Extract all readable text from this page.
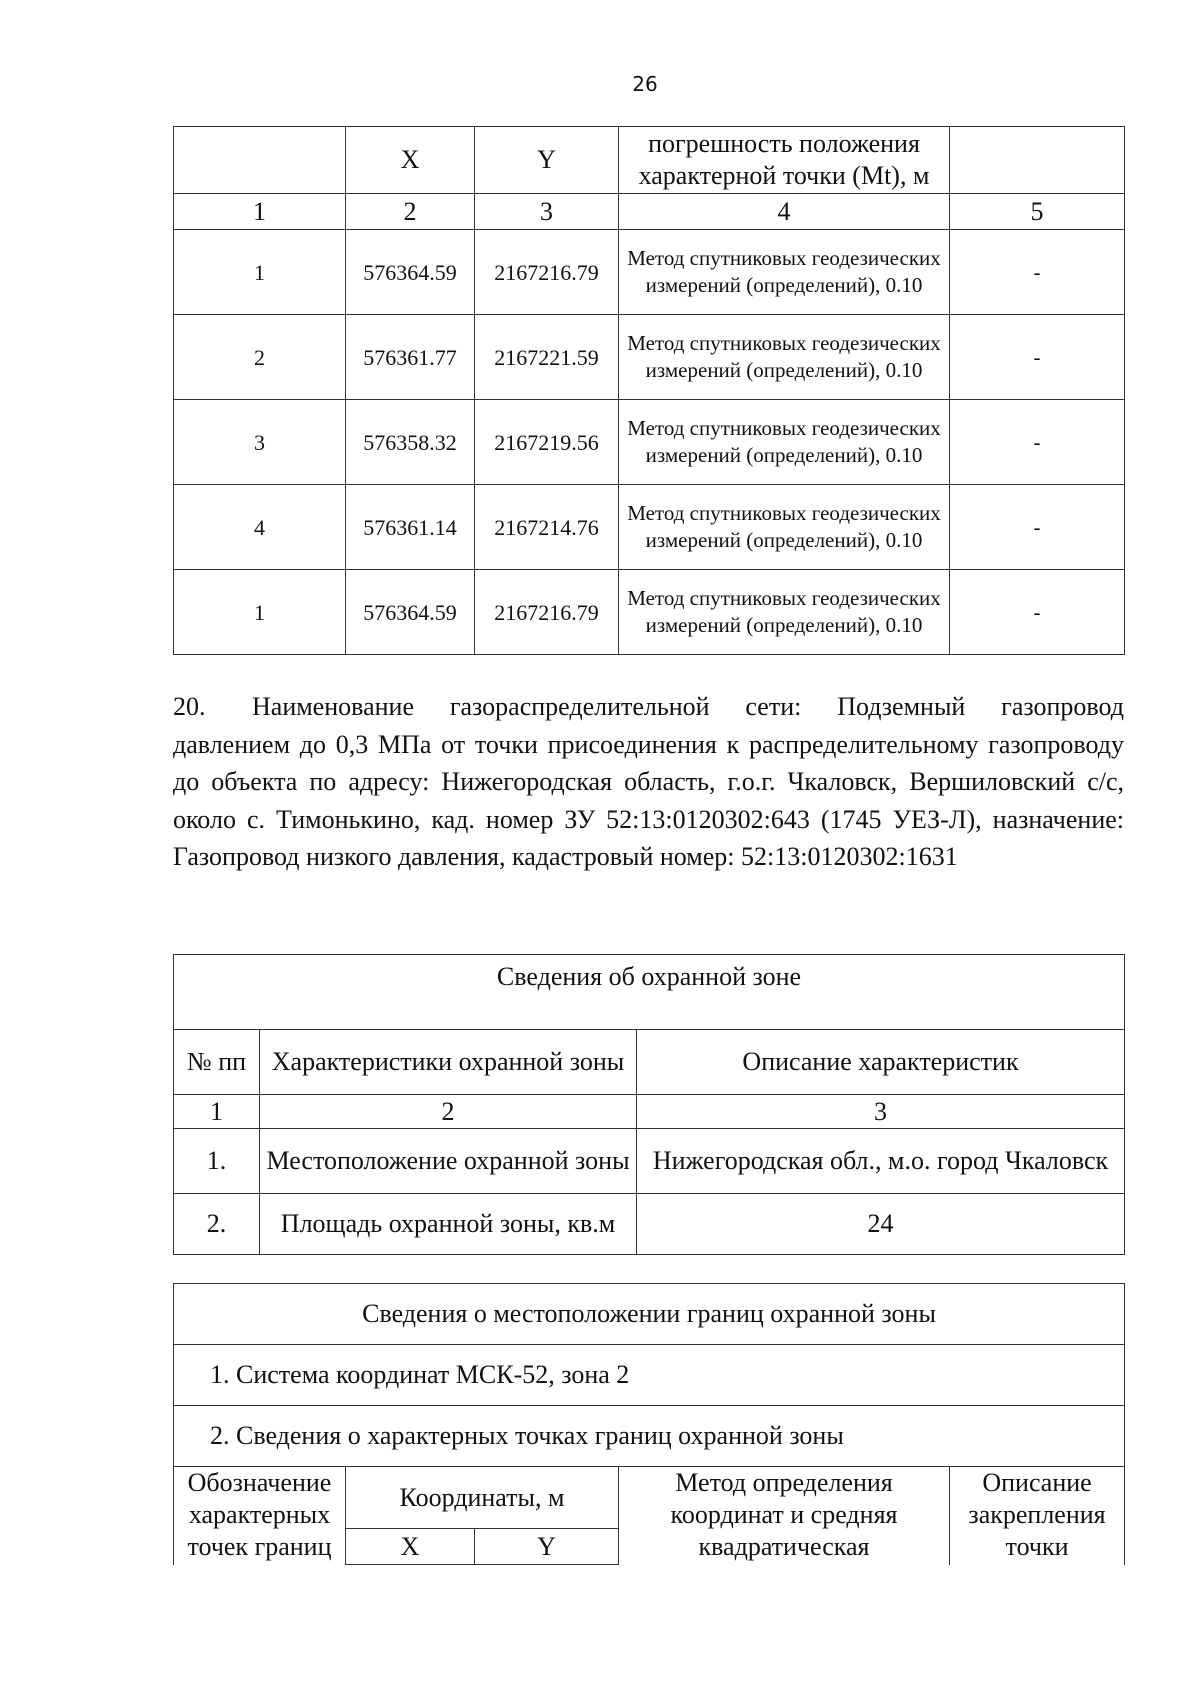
26
	X	Y	погрешность положения характерной точки (Mt), м	
1	2	3	4	5
1	576364.59	2167216.79	Метод спутниковых геодезических измерений (определений), 0.10	-
2	576361.77	2167221.59	Метод спутниковых геодезических измерений (определений), 0.10	-
3	576358.32	2167219.56	Метод спутниковых геодезических измерений (определений), 0.10	-
4	576361.14	2167214.76	Метод спутниковых геодезических измерений (определений), 0.10	-
1	576364.59	2167216.79	Метод спутниковых геодезических измерений (определений), 0.10	-

20. Наименование газораспределительной сети: Подземный газопровод давлением до 0,3 МПа от точки присоединения к распределительному газопроводу до объекта по адресу: Нижегородская область, г.о.г. Чкаловск, Вершиловский с/с, около с. Тимонькино, кад. номер ЗУ 52:13:0120302:643 (1745 УЕЗ-Л), назначение: Газопровод низкого давления, кадастровый номер: 52:13:0120302:1631

Сведения об охранной зоне		
№ пп	Характеристики охранной зоны	Описание характеристик
1	2	3
1.	Местоположение охранной зоны	Нижегородская обл., м.о. город Чкаловск
2.	Площадь охранной зоны, кв.м	24
Сведения о местоположении границ охранной зоны				
1. Система координат МСК-52, зона 2				
2. Сведения о характерных точках границ охранной зоны				
Обозначение характерных точек границ	Координаты, м		Метод определения координат и средняя квадратическая	Описание закрепления точки
	X	Y		
